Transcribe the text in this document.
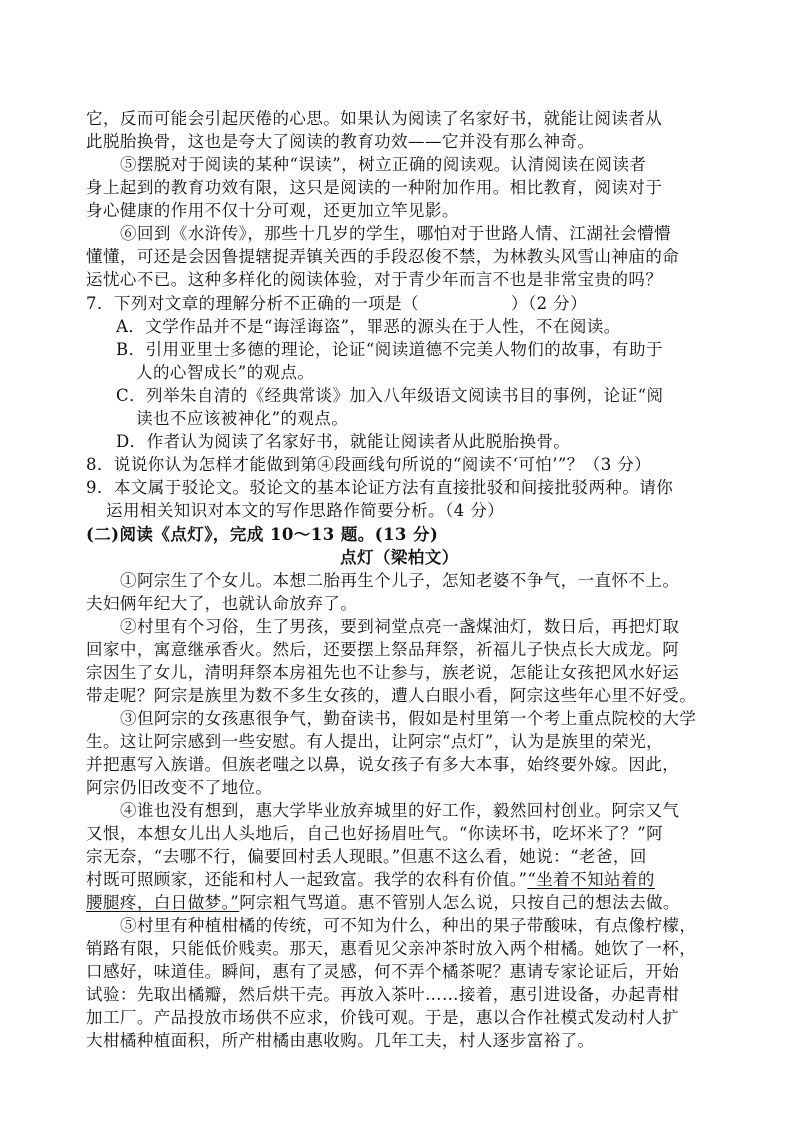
它，反而可能会引起厌倦的心思。如果认为阅读了名家好书，就能让阅读者从
此脱胎换骨，这也是夸大了阅读的教育功效——它并没有那么神奇。
⑤摆脱对于阅读的某种“误读”，树立正确的阅读观。认清阅读在阅读者
身上起到的教育功效有限，这只是阅读的一种附加作用。相比教育，阅读对于
身心健康的作用不仅十分可观，还更加立竿见影。
⑥回到《水浒传》，那些十几岁的学生，哪怕对于世路人情、江湖社会懵懵
懂懂，可还是会因鲁提辖捉弄镇关西的手段忍俊不禁，为林教头风雪山神庙的命
运忧心不已。这种多样化的阅读体验，对于青少年而言不也是非常宝贵的吗？
7．下列对文章的理解分析不正确的一项是（	）（2 分）
A．文学作品并不是“诲淫诲盗”，罪恶的源头在于人性，不在阅读。
B．引用亚里士多德的理论，论证“阅读道德不完美人物们的故事，有助于
人的心智成长”的观点。
C．列举朱自清的《经典常谈》加入八年级语文阅读书目的事例，论证“阅
读也不应该被神化”的观点。
D．作者认为阅读了名家好书，就能让阅读者从此脱胎换骨。
8．说说你认为怎样才能做到第④段画线句所说的“阅读不‘可怕’”？（3 分）
9．本文属于驳论文。驳论文的基本论证方法有直接批驳和间接批驳两种。请你
运用相关知识对本文的写作思路作简要分析。（4 分）
(二)阅读《点灯》，完成 10～13 题。(13 分)
点灯（梁柏文）
①阿宗生了个女儿。本想二胎再生个儿子，怎知老婆不争气，一直怀不上。
夫妇俩年纪大了，也就认命放弃了。
②村里有个习俗，生了男孩，要到祠堂点亮一盏煤油灯，数日后，再把灯取
回家中，寓意继承香火。然后，还要摆上祭品拜祭，祈福儿子快点长大成龙。阿
宗因生了女儿，清明拜祭本房祖先也不让参与，族老说，怎能让女孩把风水好运
带走呢？阿宗是族里为数不多生女孩的，遭人白眼小看，阿宗这些年心里不好受。
③但阿宗的女孩惠很争气，勤奋读书，假如是村里第一个考上重点院校的大学
生。这让阿宗感到一些安慰。有人提出，让阿宗“点灯”，认为是族里的荣光，
并把惠写入族谱。但族老嗤之以鼻，说女孩子有多大本事，始终要外嫁。因此，
阿宗仍旧改变不了地位。
④谁也没有想到，惠大学毕业放弃城里的好工作，毅然回村创业。阿宗又气
又恨，本想女儿出人头地后，自己也好扬眉吐气。“你读坏书，吃坏米了？”阿
宗无奈，“去哪不行，偏要回村丢人现眼。”但惠不这么看，她说：“老爸，回
村既可照顾家，还能和村人一起致富。我学的农科有价值。”“坐着不知站着的
腰腿疼，白日做梦。”阿宗粗气骂道。惠不管别人怎么说，只按自己的想法去做。
⑤村里有种植柑橘的传统，可不知为什么，种出的果子带酸味，有点像柠檬，
销路有限，只能低价贱卖。那天，惠看见父亲冲茶时放入两个柑橘。她饮了一杯，
口感好，味道佳。瞬间，惠有了灵感，何不弄个橘茶呢？惠请专家论证后，开始
试验：先取出橘瓣，然后烘干壳。再放入茶叶……接着，惠引进设备，办起青柑
加工厂。产品投放市场供不应求，价钱可观。于是，惠以合作社模式发动村人扩
大柑橘种植面积，所产柑橘由惠收购。几年工夫，村人逐步富裕了。
